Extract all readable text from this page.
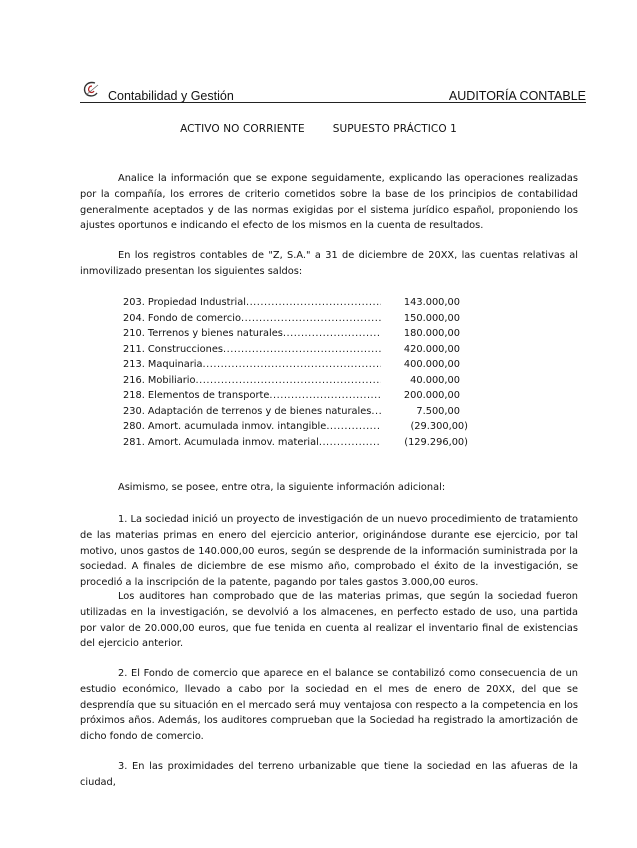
Contabilidad y Gestión	AUDITORÍA CONTABLE
ACTIVO NO CORRIENTE	SUPUESTO PRÁCTICO 1

Analice la información que se expone seguidamente, explicando las operaciones realizadas por la compañía, los errores de criterio cometidos sobre la base de los principios de contabilidad generalmente aceptados y de las normas exigidas por el sistema jurídico español, proponiendo los ajustes oportunos e indicando el efecto de los mismos en la cuenta de resultados.

En los registros contables de "Z, S.A." a 31 de diciembre de 20XX, las cuentas relativas al inmovilizado presentan los siguientes saldos:

203. Propiedad Industrial .....	143.000,00
204. Fondo de comercio .....	150.000,00
210. Terrenos y bienes naturales .....	180.000,00
211. Construcciones .....	420.000,00
213. Maquinaria .....	400.000,00
216. Mobiliario .....	40.000,00
218. Elementos de transporte .....	200.000,00
230. Adaptación de terrenos y de bienes naturales .....	7.500,00
280. Amort. acumulada inmov. intangible .....	(29.300,00)
281. Amort. Acumulada inmov. material .....	(129.296,00)

Asimismo, se posee, entre otra, la siguiente información adicional:

1. La sociedad inició un proyecto de investigación de un nuevo procedimiento de tratamiento de las materias primas en enero del ejercicio anterior, originándose durante ese ejercicio, por tal motivo, unos gastos de 140.000,00 euros, según se desprende de la información suministrada por la sociedad. A finales de diciembre de ese mismo año, comprobado el éxito de la investigación, se procedió a la inscripción de la patente, pagando por tales gastos 3.000,00 euros.

Los auditores han comprobado que de las materias primas, que según la sociedad fueron utilizadas en la investigación, se devolvió a los almacenes, en perfecto estado de uso, una partida por valor de 20.000,00 euros, que fue tenida en cuenta al realizar el inventario final de existencias del ejercicio anterior.

2. El Fondo de comercio que aparece en el balance se contabilizó como consecuencia de un estudio económico, llevado a cabo por la sociedad en el mes de enero de 20XX, del que se desprendía que su situación en el mercado será muy ventajosa con respecto a la competencia en los próximos años. Además, los auditores comprueban que la Sociedad ha registrado la amortización de dicho fondo de comercio.

3. En las proximidades del terreno urbanizable que tiene la sociedad en las afueras de la ciudad,
